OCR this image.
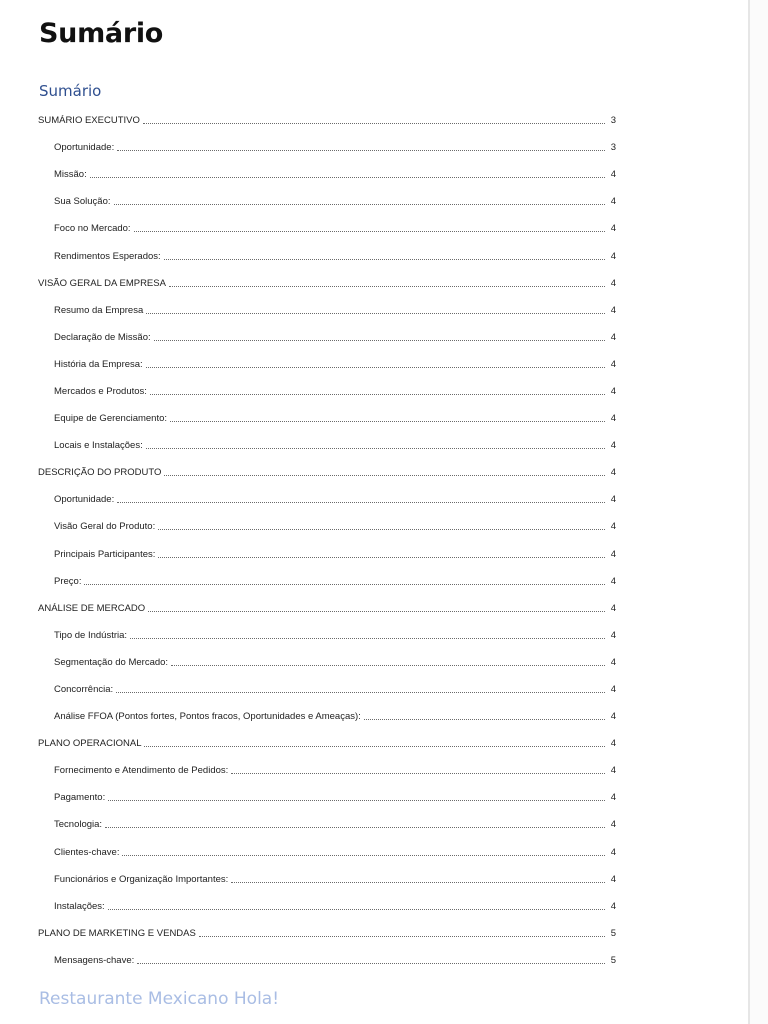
Sumário
Sumário
SUMÁRIO EXECUTIVO	3
Oportunidade:	3
Missão:	4
Sua Solução:	4
Foco no Mercado:	4
Rendimentos Esperados:	4
VISÃO GERAL DA EMPRESA	4
Resumo da Empresa	4
Declaração de Missão:	4
História da Empresa:	4
Mercados e Produtos:	4
Equipe de Gerenciamento:	4
Locais e Instalações:	4
DESCRIÇÃO DO PRODUTO	4
Oportunidade:	4
Visão Geral do Produto:	4
Principais Participantes:	4
Preço:	4
ANÁLISE DE MERCADO	4
Tipo de Indústria:	4
Segmentação do Mercado:	4
Concorrência:	4
Análise FFOA (Pontos fortes, Pontos fracos, Oportunidades e Ameaças):	4
PLANO OPERACIONAL	4
Fornecimento e Atendimento de Pedidos:	4
Pagamento:	4
Tecnologia:	4
Clientes-chave:	4
Funcionários e Organização Importantes:	4
Instalações:	4
PLANO DE MARKETING E VENDAS	5
Mensagens-chave:	5
Restaurante Mexicano Hola!
